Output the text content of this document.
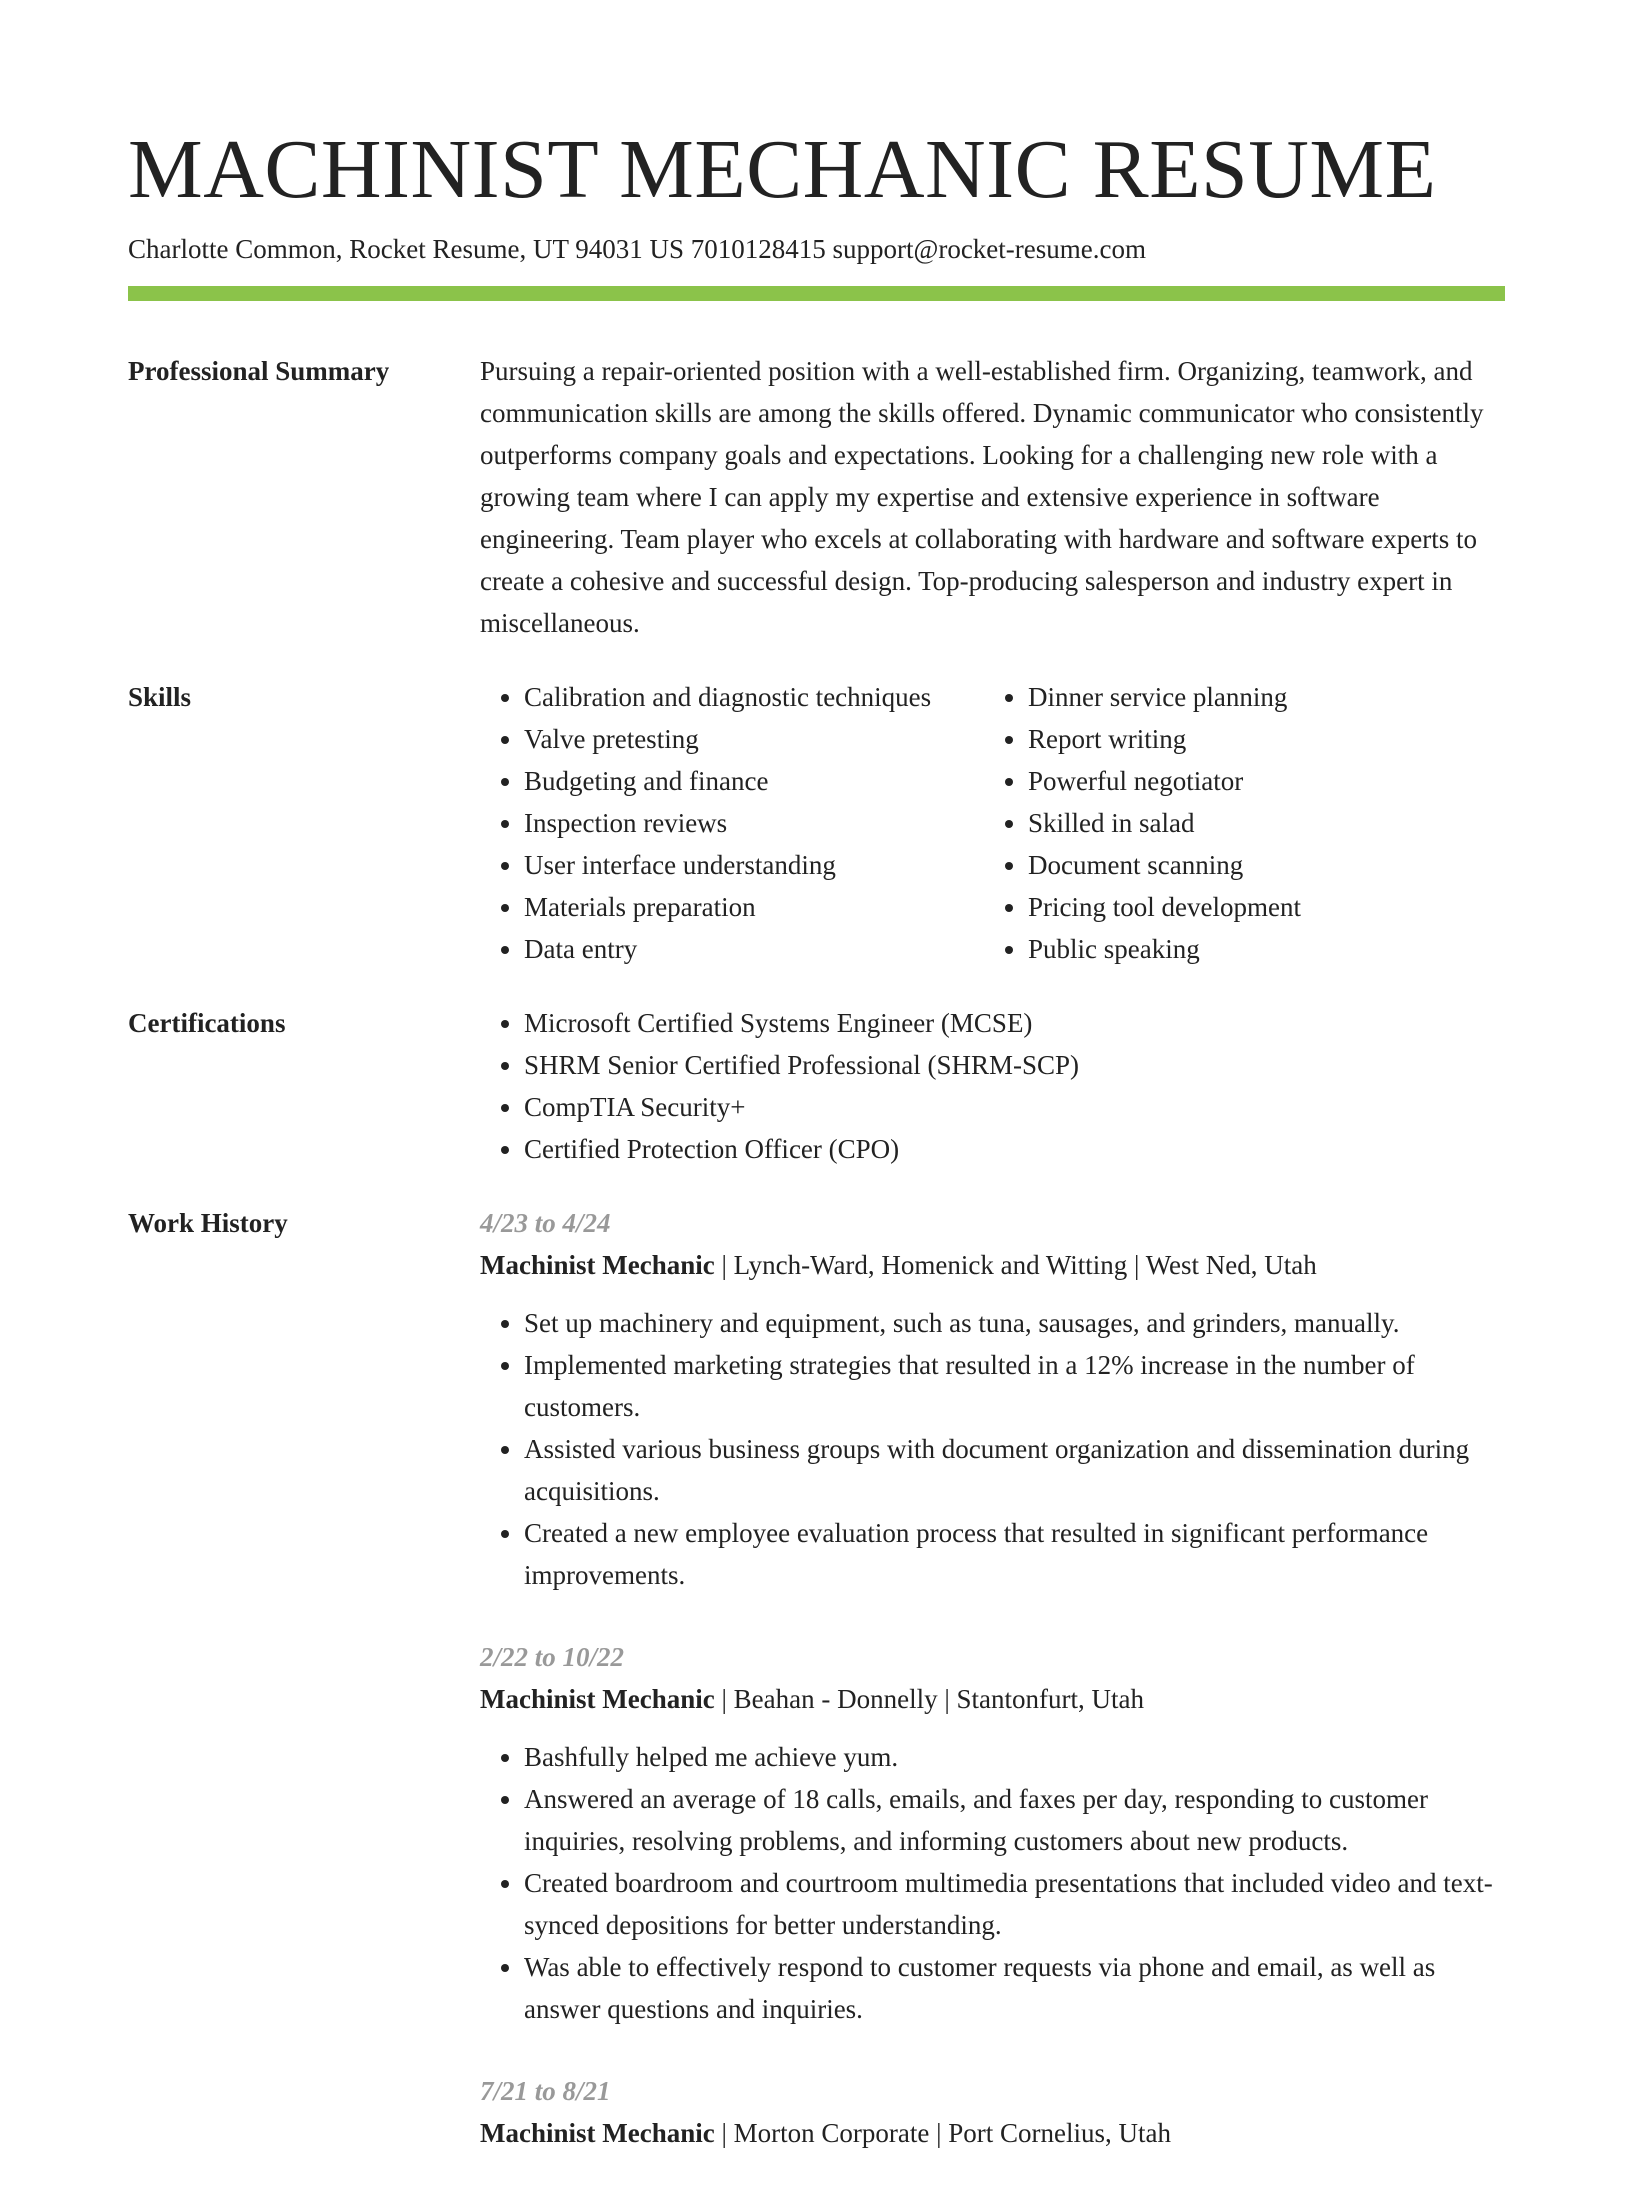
MACHINIST MECHANIC RESUME
Charlotte Common, Rocket Resume, UT 94031 US 7010128415 support@rocket-resume.com
Professional Summary	Pursuing a repair-oriented position with a well-established firm. Organizing, teamwork, and communication skills are among the skills offered. Dynamic communicator who consistently outperforms company goals and expectations. Looking for a challenging new role with a growing team where I can apply my expertise and extensive experience in software engineering. Team player who excels at collaborating with hardware and software experts to create a cohesive and successful design. Top-producing salesperson and industry expert in miscellaneous.

Skills	• Calibration and diagnostic techniques
• Valve pretesting
• Budgeting and finance
• Inspection reviews
• User interface understanding
• Materials preparation
• Data entry
• Dinner service planning
• Report writing
• Powerful negotiator
• Skilled in salad
• Document scanning
• Pricing tool development
• Public speaking
Certifications	• Microsoft Certified Systems Engineer (MCSE)
• SHRM Senior Certified Professional (SHRM-SCP)
• CompTIA Security+
• Certified Protection Officer (CPO)
Work History	4/23 to 4/24
Machinist Mechanic | Lynch-Ward, Homenick and Witting | West Ned, Utah
• Set up machinery and equipment, such as tuna, sausages, and grinders, manually.
• Implemented marketing strategies that resulted in a 12% increase in the number of customers.
• Assisted various business groups with document organization and dissemination during acquisitions.
• Created a new employee evaluation process that resulted in significant performance improvements.
2/22 to 10/22
Machinist Mechanic | Beahan - Donnelly | Stantonfurt, Utah
• Bashfully helped me achieve yum.
• Answered an average of 18 calls, emails, and faxes per day, responding to customer inquiries, resolving problems, and informing customers about new products.
• Created boardroom and courtroom multimedia presentations that included video and text-synced depositions for better understanding.
• Was able to effectively respond to customer requests via phone and email, as well as answer questions and inquiries.
7/21 to 8/21
Machinist Mechanic | Morton Corporate | Port Cornelius, Utah
